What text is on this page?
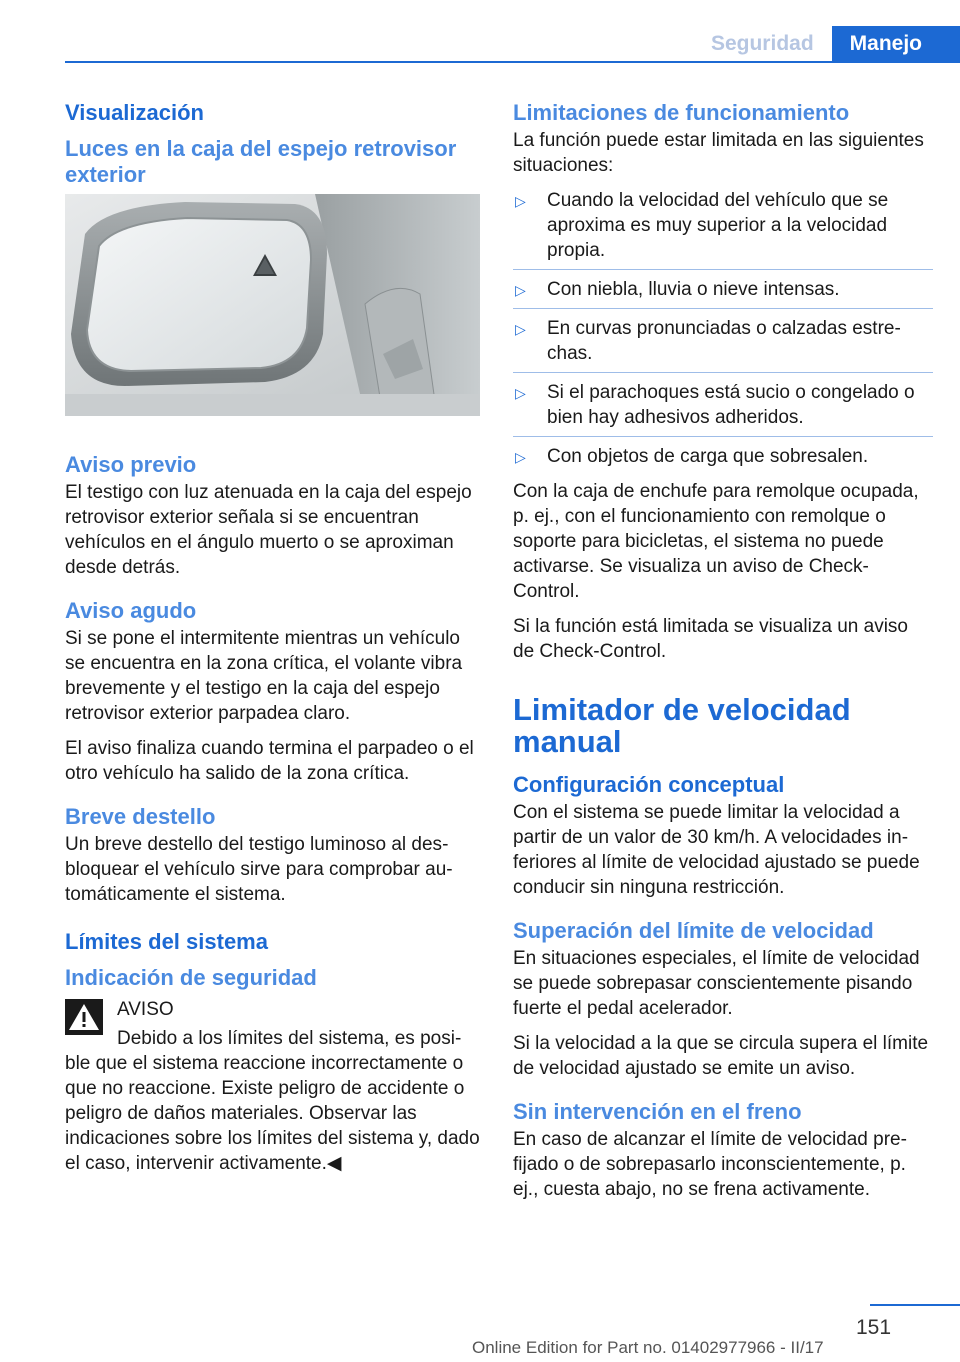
Seguridad	Manejo
Visualización
Luces en la caja del espejo retrovisor exterior
Aviso previo

El testigo con luz atenuada en la caja del espejo retrovisor exterior señala si se encuentran vehículos en el ángulo muerto o se aproximan desde detrás.

Aviso agudo

Si se pone el intermitente mientras un vehículo se encuentra en la zona crítica, el volante vibra brevemente y el testigo en la caja del espejo retrovisor exterior parpadea claro.

El aviso finaliza cuando termina el parpadeo o el otro vehículo ha salido de la zona crítica.

Breve destello

Un breve destello del testigo luminoso al desbloquear el vehículo sirve para comprobar automáticamente el sistema.

Límites del sistema
Indicación de seguridad

AVISO

Debido a los límites del sistema, es posible que el sistema reaccione incorrectamente o que no reaccione. Existe peligro de accidente o peligro de daños materiales. Observar las indicaciones sobre los límites del sistema y, dado el caso, intervenir activamente.◀

Limitaciones de funcionamiento

La función puede estar limitada en las siguientes situaciones:

▷ Cuando la velocidad del vehículo que se aproxima es muy superior a la velocidad propia.
▷ Con niebla, lluvia o nieve intensas.
▷ En curvas pronunciadas o calzadas estrechas.
▷ Si el parachoques está sucio o congelado o bien hay adhesivos adheridos.
▷ Con objetos de carga que sobresalen.

Con la caja de enchufe para remolque ocupada, p. ej., con el funcionamiento con remolque o soporte para bicicletas, el sistema no puede activarse. Se visualiza un aviso de Check-Control.

Si la función está limitada se visualiza un aviso de Check-Control.

Limitador de velocidad manual
Configuración conceptual

Con el sistema se puede limitar la velocidad a partir de un valor de 30 km/h. A velocidades inferiores al límite de velocidad ajustado se puede conducir sin ninguna restricción.

Superación del límite de velocidad

En situaciones especiales, el límite de velocidad se puede sobrepasar conscientemente pisando fuerte el pedal acelerador.

Si la velocidad a la que se circula supera el límite de velocidad ajustado se emite un aviso.

Sin intervención en el freno

En caso de alcanzar el límite de velocidad prefijado o de sobrepasarlo inconscientemente, p. ej., cuesta abajo, no se frena activamente.

151
Online Edition for Part no. 01402977966 - II/17
